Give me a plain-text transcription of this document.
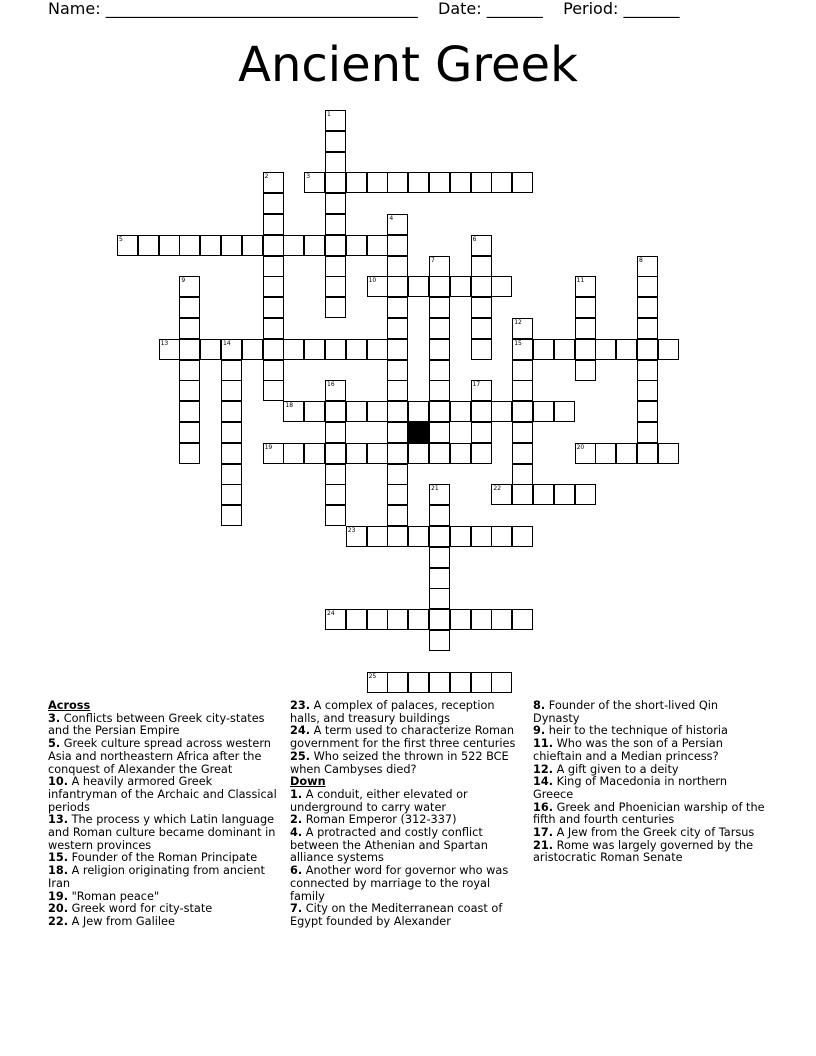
Name: _______________________________________ Date: _______ Period: _______
Ancient Greek
1
2	3
4
5	6
7	8
9	10	11
12
15
13	14
16	17
18
19	20
21	22
23
24
25
Across
3. Conflicts between Greek city-states and the Persian Empire
5. Greek culture spread across western Asia and northeastern Africa after the conquest of Alexander the Great
10. A heavily armored Greek infantryman of the Archaic and Classical periods
13. The process y which Latin language and Roman culture became dominant in western provinces
15. Founder of the Roman Principate
18. A religion originating from ancient Iran
19. "Roman peace"
20. Greek word for city-state
22. A Jew from Galilee
23. A complex of palaces, reception halls, and treasury buildings
24. A term used to characterize Roman government for the first three centuries
25. Who seized the thrown in 522 BCE when Cambyses died?
Down
1. A conduit, either elevated or underground to carry water
2. Roman Emperor (312-337)
4. A protracted and costly conflict between the Athenian and Spartan alliance systems
6. Another word for governor who was connected by marriage to the royal family
7. City on the Mediterranean coast of Egypt founded by Alexander
8. Founder of the short-lived Qin Dynasty
9. heir to the technique of historia
11. Who was the son of a Persian chieftain and a Median princess?
12. A gift given to a deity
14. King of Macedonia in northern Greece
16. Greek and Phoenician warship of the fifth and fourth centuries
17. A Jew from the Greek city of Tarsus
21. Rome was largely governed by the aristocratic Roman Senate
